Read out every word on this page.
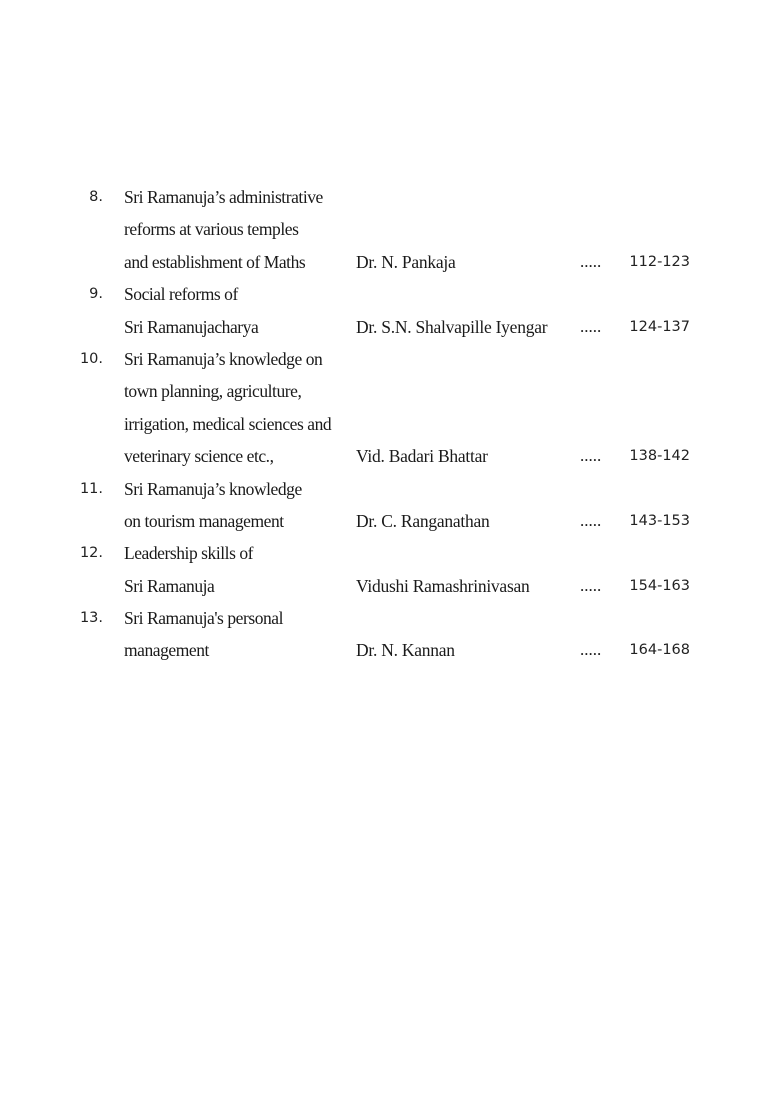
8. Sri Ramanuja’s administrative
reforms at various temples
and establishment of Maths	Dr. N. Pankaja	.....	112-123
9. Social reforms of
Sri Ramanujacharya	Dr. S.N. Shalvapille Iyengar .....	124-137
10. Sri Ramanuja’s knowledge on
town planning, agriculture,
irrigation, medical sciences and
veterinary science etc.,	Vid. Badari Bhattar	.....	138-142
11. Sri Ramanuja’s knowledge
on tourism management	Dr. C. Ranganathan	.....	143-153
12. Leadership skills of
Sri Ramanuja	Vidushi Ramashrinivasan	.....	154-163
13. Sri Ramanuja's personal
management	Dr. N. Kannan	.....	164-168
